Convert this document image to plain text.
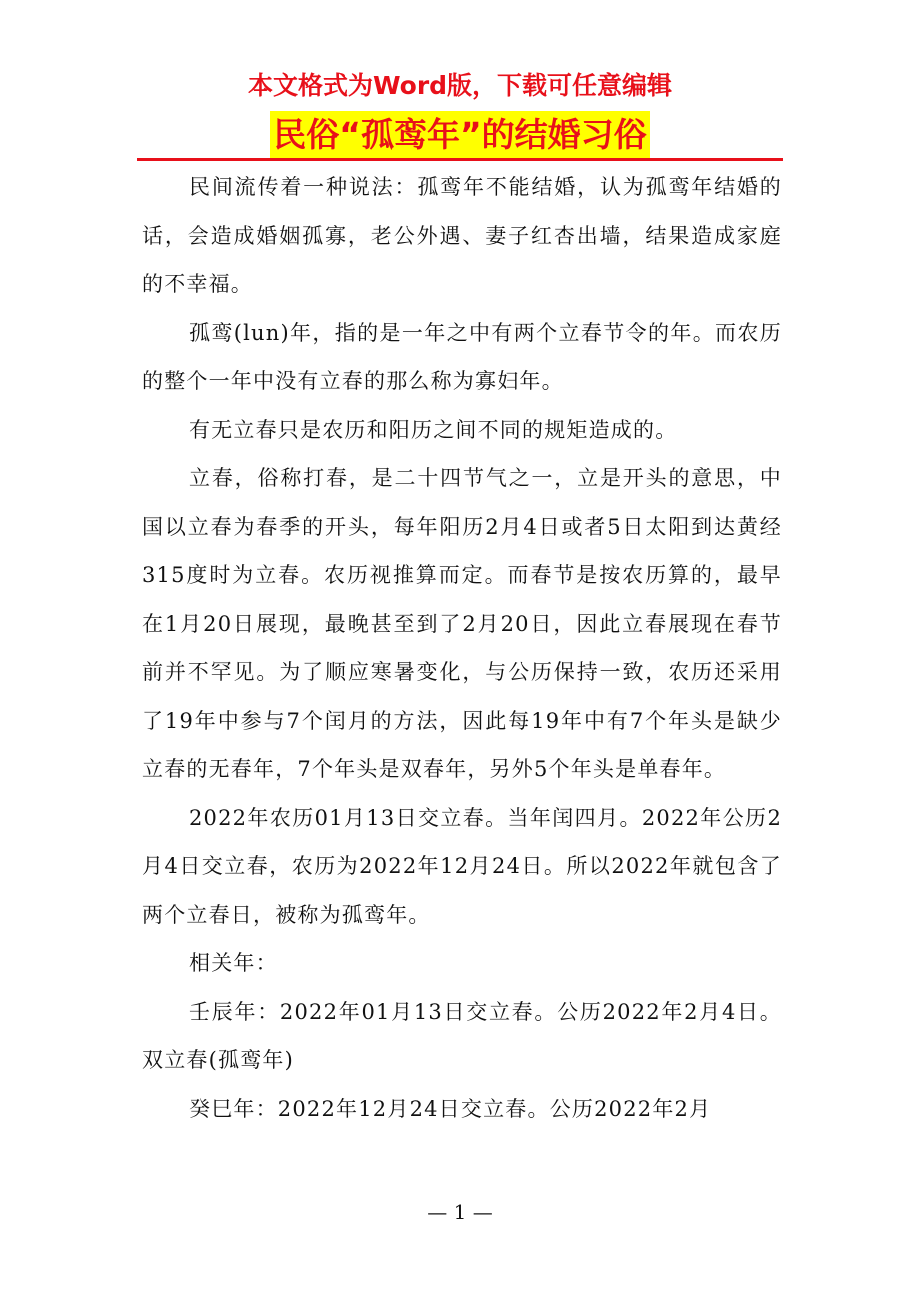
本文格式为Word版，下载可任意编辑
民俗“孤鸾年”的结婚习俗

民间流传着一种说法：孤鸾年不能结婚，认为孤鸾年结婚的话，会造成婚姻孤寡，老公外遇、妻子红杏出墙，结果造成家庭的不幸福。

孤鸾(lun)年，指的是一年之中有两个立春节令的年。而农历的整个一年中没有立春的那么称为寡妇年。

有无立春只是农历和阳历之间不同的规矩造成的。

立春，俗称打春，是二十四节气之一，立是开头的意思，中国以立春为春季的开头，每年阳历2月4日或者5日太阳到达黄经315度时为立春。农历视推算而定。而春节是按农历算的，最早在1月20日展现，最晚甚至到了2月20日，因此立春展现在春节前并不罕见。为了顺应寒暑变化，与公历保持一致，农历还采用了19年中参与7个闰月的方法，因此每19年中有7个年头是缺少立春的无春年，7个年头是双春年，另外5个年头是单春年。

2022年农历01月13日交立春。当年闰四月。2022年公历2月4日交立春，农历为2022年12月24日。所以2022年就包含了两个立春日，被称为孤鸾年。

相关年：

壬辰年：2022年01月13日交立春。公历2022年2月4日。双立春(孤鸾年)

癸巳年：2022年12月24日交立春。公历2022年2月

— 1 —
